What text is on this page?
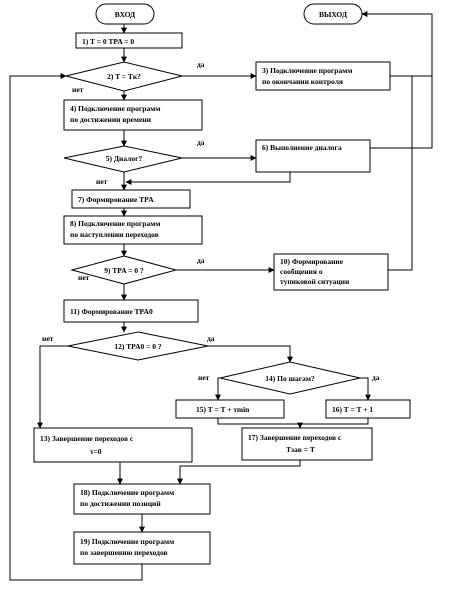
да
нет
да
нет
да
нет
нет	да
нет	да
ВХОД	ВЫХОД
1) T = 0 TPA = 0
2) T = Tк?
3) Подключение программ
по окончании контроля
4) Подключение программ
по достижении времени
5) Диалог?
6) Выполнение диалога
7) Формирование TPA
8) Подключение программ
по наступлении переходов
9) TPA = 0 ?
10) Формирование
сообщения о
тупиковой ситуации
11) Формирование TPA0
12) TPA0 = 0 ?
14) По шагам?
15) T = T + τmin	16) T = T + 1
13) Завершение переходов с
τ=0
17) Завершение переходов с
Tзав = T
18) Подключение программ
по достижении позиций
19) Подключение программ
по завершению переходов
